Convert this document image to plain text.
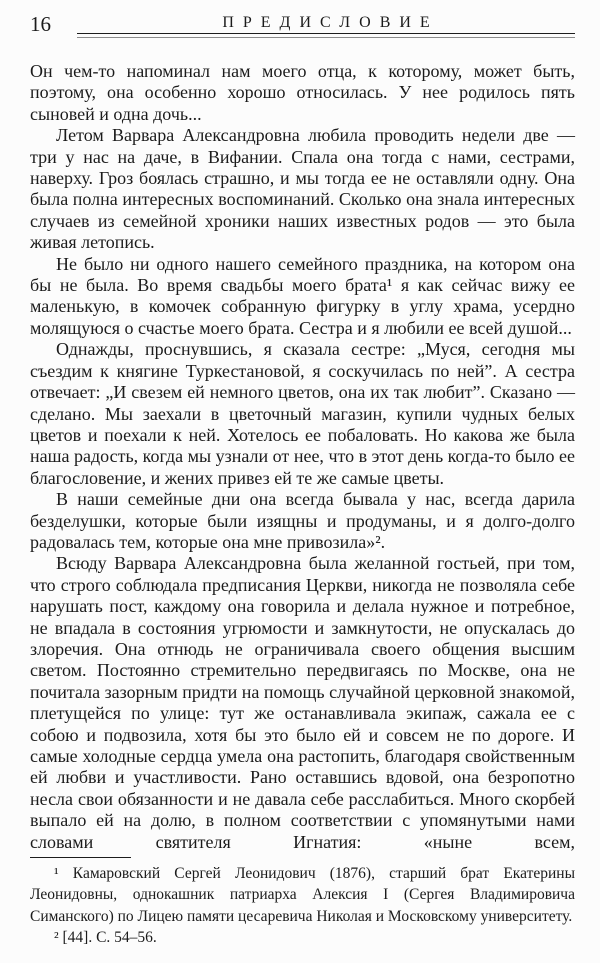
16	ПРЕДИСЛОВИЕ

Он чем-то напоминал нам моего отца, к которому, может быть, поэтому, она особенно хорошо относилась. У нее родилось пять сыновей и одна дочь...

Летом Варвара Александровна любила проводить недели две — три у нас на даче, в Вифании. Спала она тогда с нами, сестрами, наверху. Гроз боялась страшно, и мы тогда ее не оставляли одну. Она была полна интересных воспоминаний. Сколько она знала интересных случаев из семейной хроники наших известных родов — это была живая летопись.

Не было ни одного нашего семейного праздника, на котором она бы не была. Во время свадьбы моего брата¹ я как сейчас вижу ее маленькую, в комочек собранную фигурку в углу храма, усердно молящуюся о счастье моего брата. Сестра и я любили ее всей душой...

Однажды, проснувшись, я сказала сестре: „Муся, сегодня мы съездим к княгине Туркестановой, я соскучилась по ней”. А сестра отвечает: „И свезем ей немного цветов, она их так любит”. Сказано — сделано. Мы заехали в цветочный магазин, купили чудных белых цветов и поехали к ней. Хотелось ее побаловать. Но какова же была наша радость, когда мы узнали от нее, что в этот день когда-то было ее благословение, и жених привез ей те же самые цветы.

В наши семейные дни она всегда бывала у нас, всегда дарила безделушки, которые были изящны и продуманы, и я долго-долго радовалась тем, которые она мне привозила»².

Всюду Варвара Александровна была желанной гостьей, при том, что строго соблюдала предписания Церкви, никогда не позволяла себе нарушать пост, каждому она говорила и делала нужное и потребное, не впадала в состояния угрюмости и замкнутости, не опускалась до злоречия. Она отнюдь не ограничивала своего общения высшим светом. Постоянно стремительно передвигаясь по Москве, она не почитала зазорным придти на помощь случайной церковной знакомой, плетущейся по улице: тут же останавливала экипаж, сажала ее с собою и подвозила, хотя бы это было ей и совсем не по дороге. И самые холодные сердца умела она растопить, благодаря свойственным ей любви и участливости. Рано оставшись вдовой, она безропотно несла свои обязанности и не давала себе расслабиться. Много скорбей выпало ей на долю, в полном соответствии с упомянутыми нами словами святителя Игнатия: «ныне всем,

¹ Камаровский Сергей Леонидович (1876), старший брат Екатерины Леонидовны, однокашник патриарха Алексия I (Сергея Владимировича Симанского) по Лицею памяти цесаревича Николая и Московскому университету.

² [44]. С. 54–56.
